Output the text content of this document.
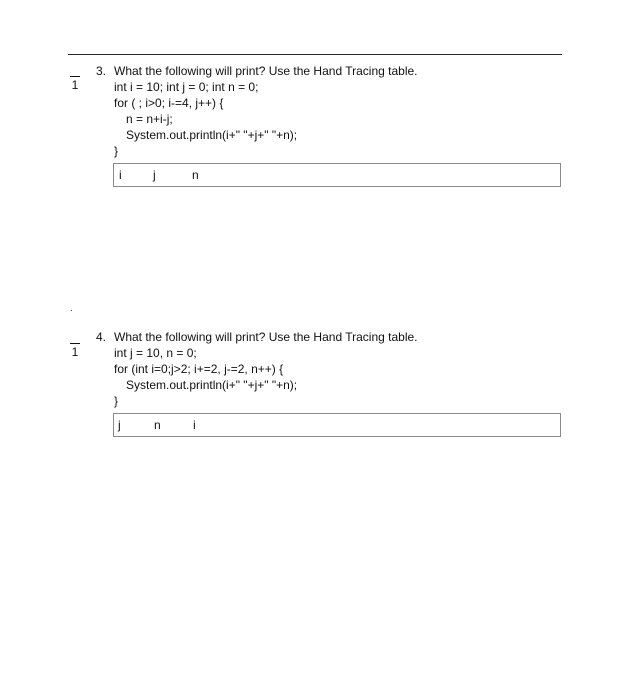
1
3. What the following will print? Use the Hand Tracing table.
int i = 10; int j = 0; int n = 0;
for ( ; i>0; i-=4, j++) {
n = n+i-j;
System.out.println(i+" "+j+" "+n);
}
i	j	n
.
1
4. What the following will print? Use the Hand Tracing table.
int j = 10, n = 0;
for (int i=0;j>2; i+=2, j-=2, n++) {
System.out.println(i+" "+j+" "+n);
}
j	n	i
